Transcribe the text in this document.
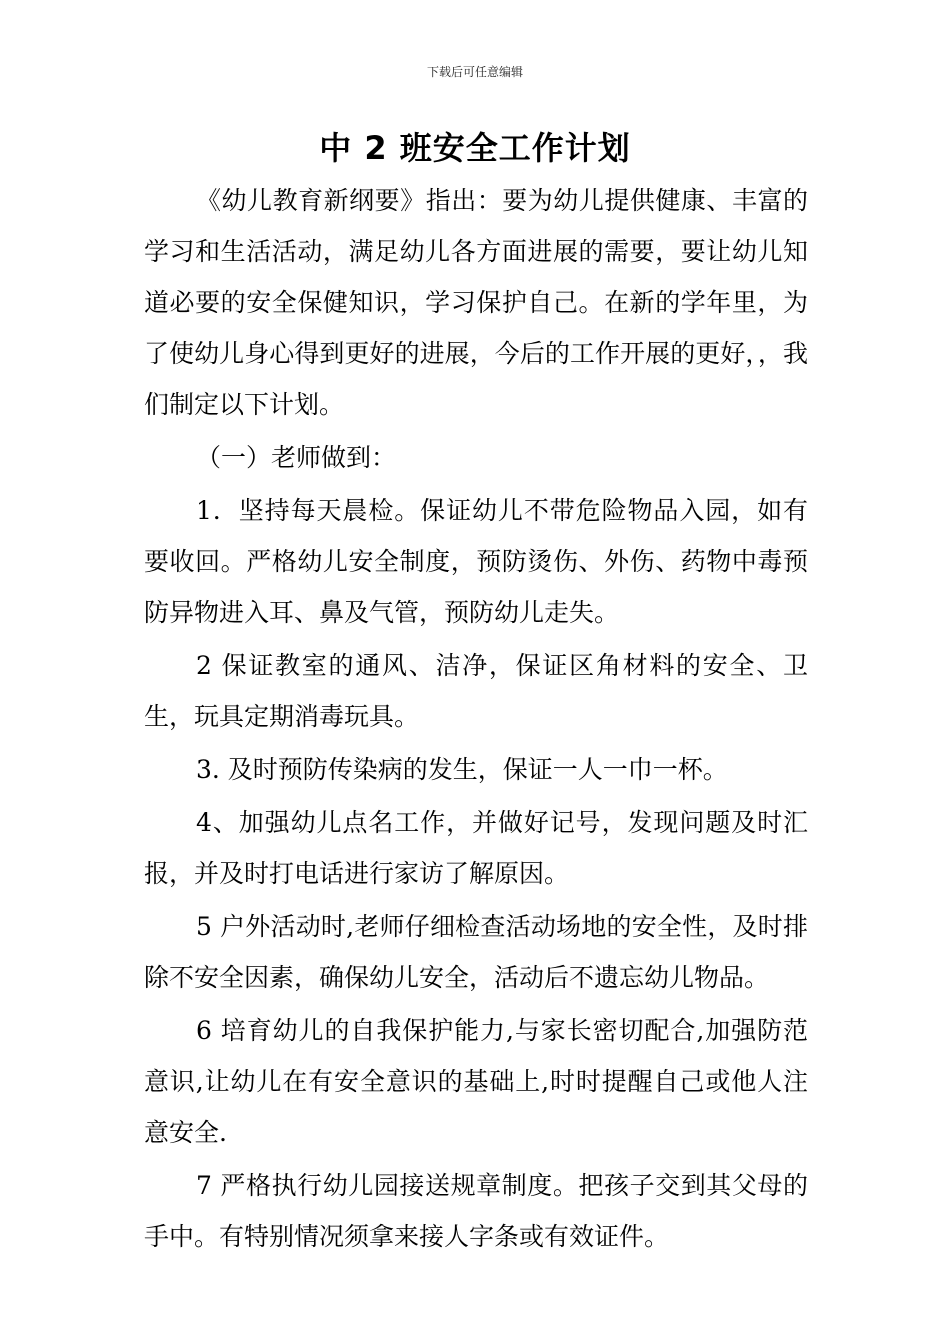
下载后可任意编辑
中 2 班安全工作计划

《幼儿教育新纲要》指出：要为幼儿提供健康、丰富的学习和生活活动，满足幼儿各方面进展的需要，要让幼儿知道必要的安全保健知识，学习保护自己。在新的学年里，为了使幼儿身心得到更好的进展，今后的工作开展的更好，，我们制定以下计划。

（一）老师做到：

1．坚持每天晨检。保证幼儿不带危险物品入园，如有要收回。严格幼儿安全制度，预防烫伤、外伤、药物中毒预防异物进入耳、鼻及气管，预防幼儿走失。

2 保证教室的通风、洁净，保证区角材料的安全、卫生，玩具定期消毒玩具。

3. 及时预防传染病的发生，保证一人一巾一杯。

4、加强幼儿点名工作，并做好记号，发现问题及时汇报，并及时打电话进行家访了解原因。

5 户外活动时,老师仔细检查活动场地的安全性，及时排除不安全因素，确保幼儿安全，活动后不遗忘幼儿物品。

6 培育幼儿的自我保护能力,与家长密切配合,加强防范意识,让幼儿在有安全意识的基础上,时时提醒自己或他人注意安全.

7 严格执行幼儿园接送规章制度。把孩子交到其父母的手中。有特别情况须拿来接人字条或有效证件。
